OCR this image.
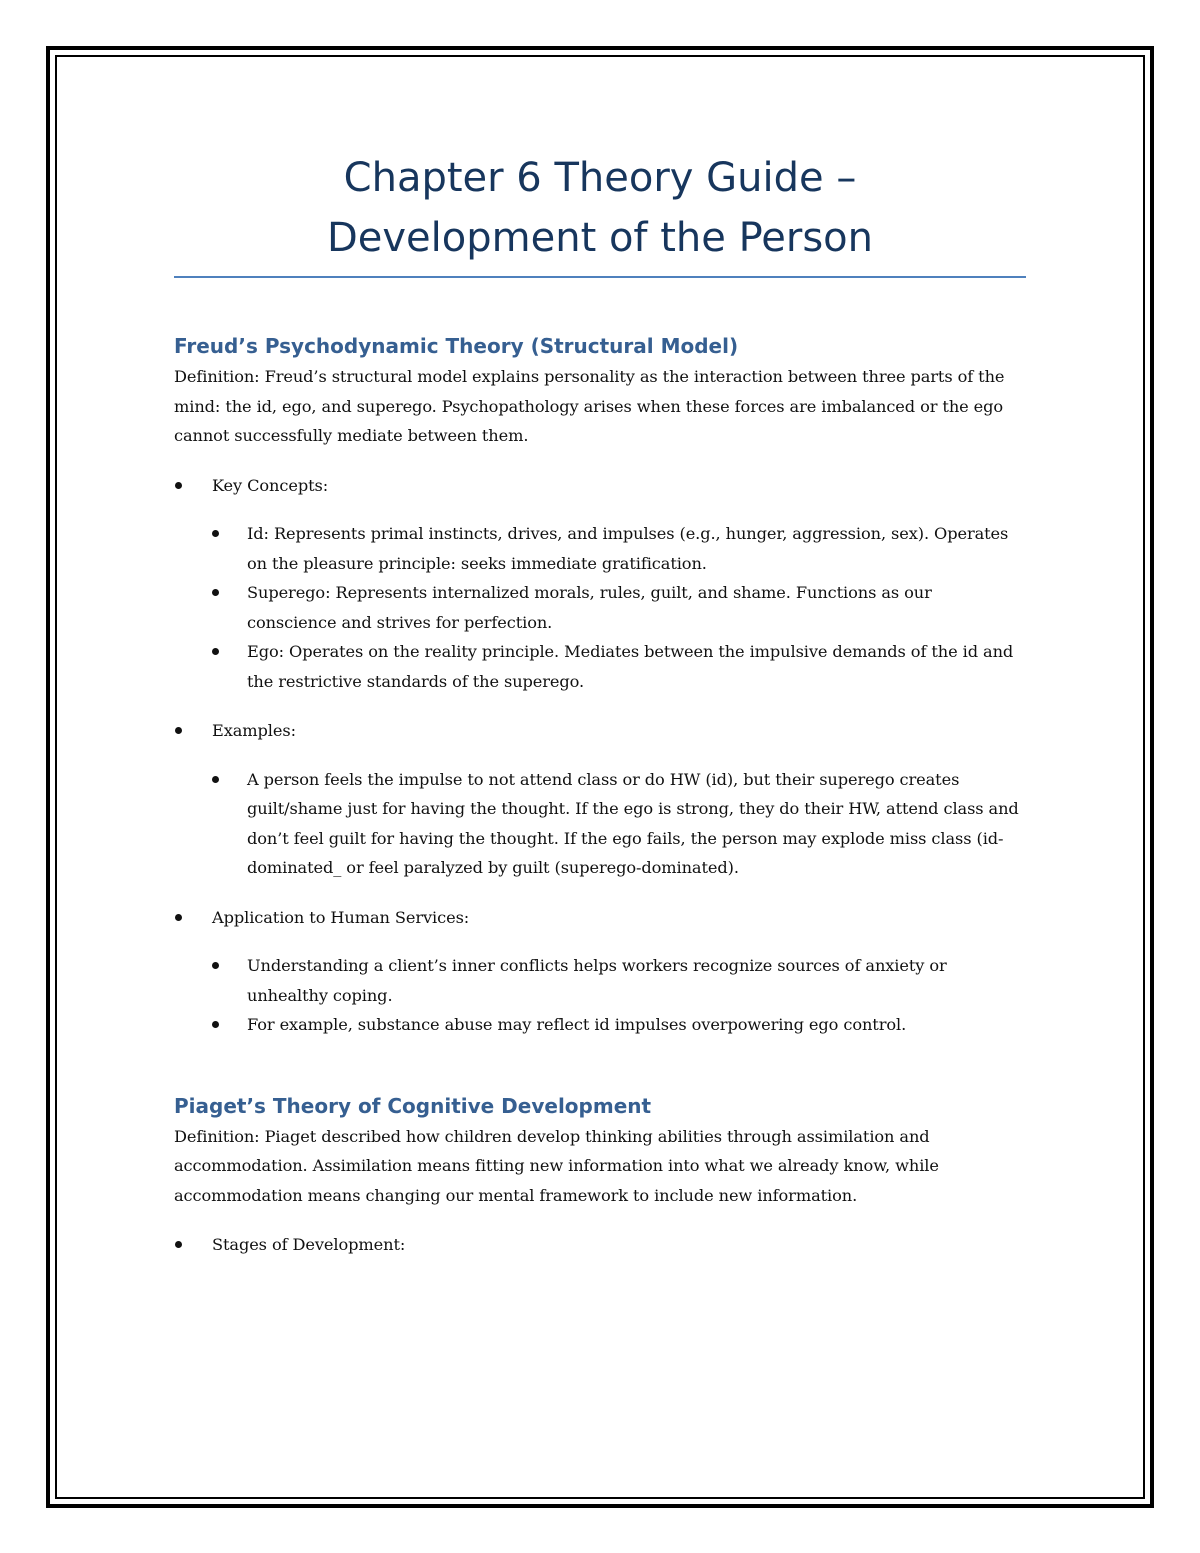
Chapter 6 Theory Guide –
Development of the Person
Freud’s Psychodynamic Theory (Structural Model)

Definition: Freud’s structural model explains personality as the interaction between three parts of the mind: the id, ego, and superego. Psychopathology arises when these forces are imbalanced or the ego cannot successfully mediate between them.

Key Concepts:
Id: Represents primal instincts, drives, and impulses (e.g., hunger, aggression, sex). Operates on the pleasure principle: seeks immediate gratification.
Superego: Represents internalized morals, rules, guilt, and shame. Functions as our conscience and strives for perfection.
Ego: Operates on the reality principle. Mediates between the impulsive demands of the id and the restrictive standards of the superego.
Examples:
A person feels the impulse to not attend class or do HW (id), but their superego creates guilt/shame just for having the thought. If the ego is strong, they do their HW, attend class and don’t feel guilt for having the thought. If the ego fails, the person may explode miss class (id-dominated_ or feel paralyzed by guilt (superego-dominated).
Application to Human Services:
Understanding a client’s inner conflicts helps workers recognize sources of anxiety or unhealthy coping.
For example, substance abuse may reflect id impulses overpowering ego control.
Piaget’s Theory of Cognitive Development

Definition: Piaget described how children develop thinking abilities through assimilation and accommodation. Assimilation means fitting new information into what we already know, while accommodation means changing our mental framework to include new information.

Stages of Development:
